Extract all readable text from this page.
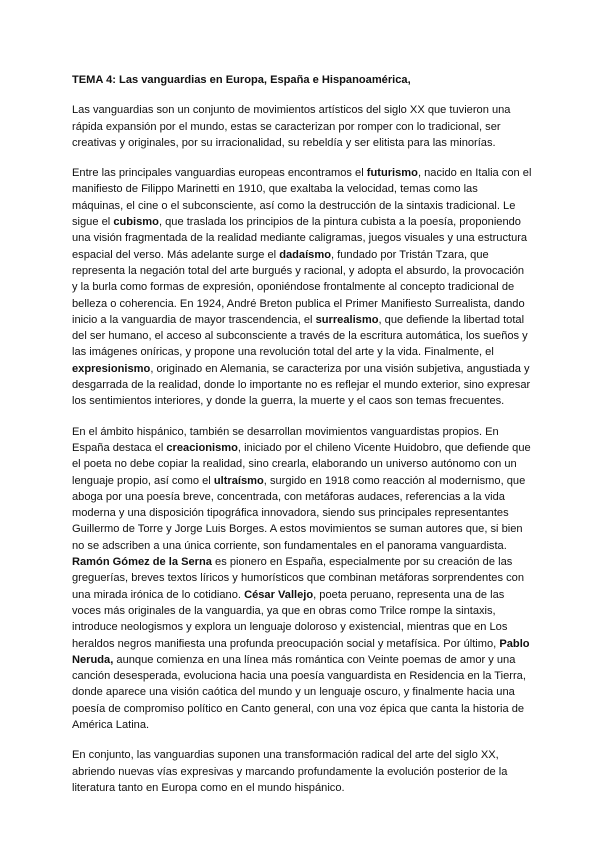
TEMA 4: Las vanguardias en Europa, España e Hispanoamérica,

Las vanguardias son un conjunto de movimientos artísticos del siglo XX que tuvieron una rápida expansión por el mundo, estas se caracterizan por romper con lo tradicional, ser creativas y originales, por su irracionalidad, su rebeldía y ser elitista para las minorías.

Entre las principales vanguardias europeas encontramos el futurismo, nacido en Italia con el manifiesto de Filippo Marinetti en 1910, que exaltaba la velocidad, temas como las máquinas, el cine o el subconsciente, así como la destrucción de la sintaxis tradicional. Le sigue el cubismo, que traslada los principios de la pintura cubista a la poesía, proponiendo una visión fragmentada de la realidad mediante caligramas, juegos visuales y una estructura espacial del verso. Más adelante surge el dadaísmo, fundado por Tristán Tzara, que representa la negación total del arte burgués y racional, y adopta el absurdo, la provocación y la burla como formas de expresión, oponiéndose frontalmente al concepto tradicional de belleza o coherencia. En 1924, André Breton publica el Primer Manifiesto Surrealista, dando inicio a la vanguardia de mayor trascendencia, el surrealismo, que defiende la libertad total del ser humano, el acceso al subconsciente a través de la escritura automática, los sueños y las imágenes oníricas, y propone una revolución total del arte y la vida. Finalmente, el expresionismo, originado en Alemania, se caracteriza por una visión subjetiva, angustiada y desgarrada de la realidad, donde lo importante no es reflejar el mundo exterior, sino expresar los sentimientos interiores, y donde la guerra, la muerte y el caos son temas frecuentes.

En el ámbito hispánico, también se desarrollan movimientos vanguardistas propios. En España destaca el creacionismo, iniciado por el chileno Vicente Huidobro, que defiende que el poeta no debe copiar la realidad, sino crearla, elaborando un universo autónomo con un lenguaje propio, así como el ultraísmo, surgido en 1918 como reacción al modernismo, que aboga por una poesía breve, concentrada, con metáforas audaces, referencias a la vida moderna y una disposición tipográfica innovadora, siendo sus principales representantes Guillermo de Torre y Jorge Luis Borges. A estos movimientos se suman autores que, si bien no se adscriben a una única corriente, son fundamentales en el panorama vanguardista. Ramón Gómez de la Serna es pionero en España, especialmente por su creación de las greguerías, breves textos líricos y humorísticos que combinan metáforas sorprendentes con una mirada irónica de lo cotidiano. César Vallejo, poeta peruano, representa una de las voces más originales de la vanguardia, ya que en obras como Trilce rompe la sintaxis, introduce neologismos y explora un lenguaje doloroso y existencial, mientras que en Los heraldos negros manifiesta una profunda preocupación social y metafísica. Por último, Pablo Neruda, aunque comienza en una línea más romántica con Veinte poemas de amor y una canción desesperada, evoluciona hacia una poesía vanguardista en Residencia en la Tierra, donde aparece una visión caótica del mundo y un lenguaje oscuro, y finalmente hacia una poesía de compromiso político en Canto general, con una voz épica que canta la historia de América Latina.

En conjunto, las vanguardias suponen una transformación radical del arte del siglo XX, abriendo nuevas vías expresivas y marcando profundamente la evolución posterior de la literatura tanto en Europa como en el mundo hispánico.
